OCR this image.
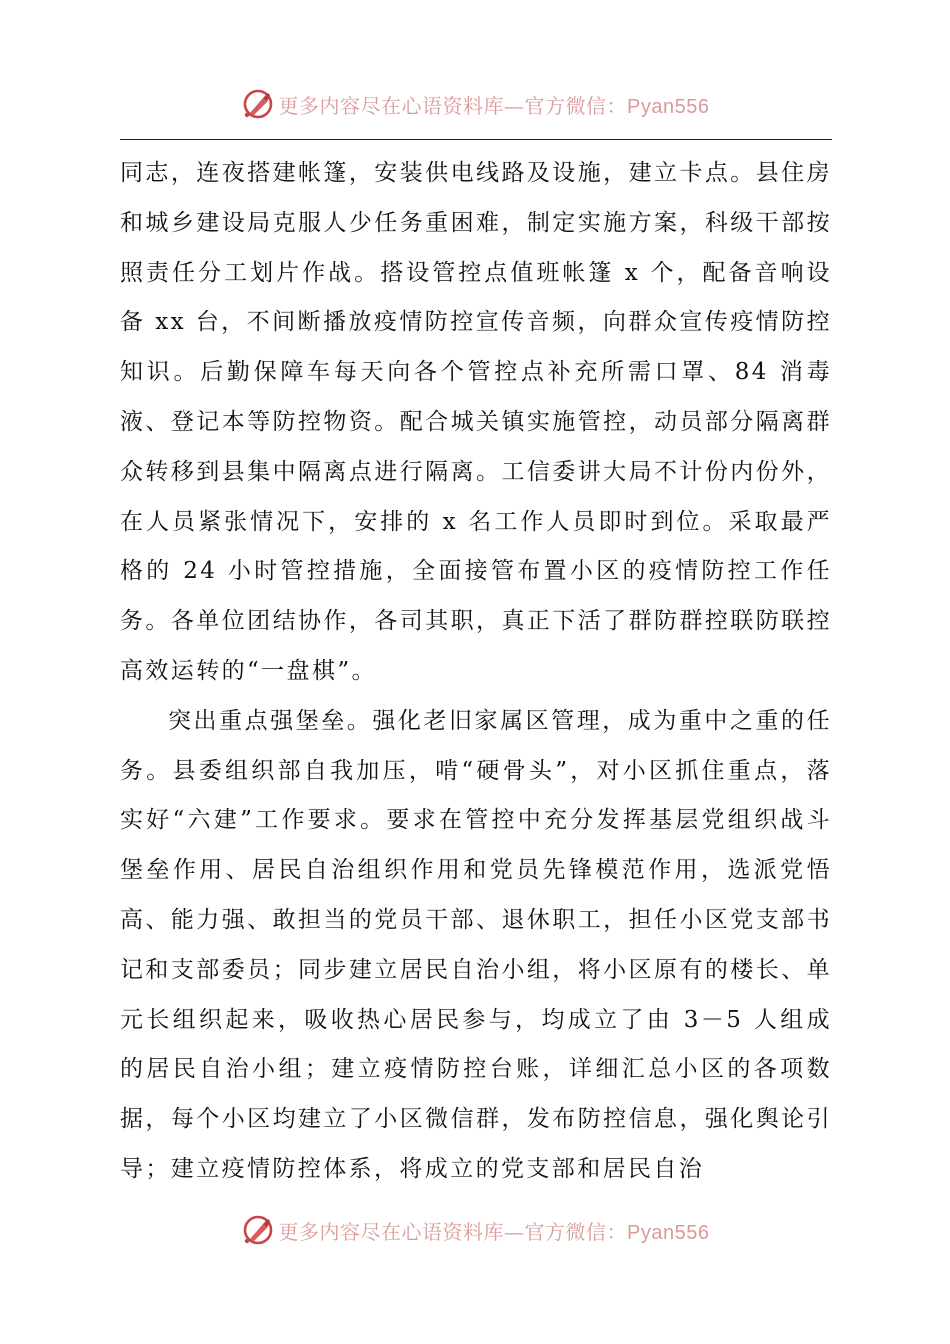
更多内容尽在心语资料库—官方微信：Pyan556

同志，连夜搭建帐篷，安装供电线路及设施，建立卡点。县住房和城乡建设局克服人少任务重困难，制定实施方案，科级干部按照责任分工划片作战。搭设管控点值班帐篷 x 个，配备音响设备 xx 台，不间断播放疫情防控宣传音频，向群众宣传疫情防控知识。后勤保障车每天向各个管控点补充所需口罩、84 消毒液、登记本等防控物资。配合城关镇实施管控，动员部分隔离群众转移到县集中隔离点进行隔离。工信委讲大局不计份内份外，在人员紧张情况下，安排的 x 名工作人员即时到位。采取最严格的 24 小时管控措施，全面接管布置小区的疫情防控工作任务。各单位团结协作，各司其职，真正下活了群防群控联防联控高效运转的“一盘棋”。

突出重点强堡垒。强化老旧家属区管理，成为重中之重的任务。县委组织部自我加压，啃“硬骨头”，对小区抓住重点，落实好“六建”工作要求。要求在管控中充分发挥基层党组织战斗堡垒作用、居民自治组织作用和党员先锋模范作用，选派党悟高、能力强、敢担当的党员干部、退休职工，担任小区党支部书记和支部委员；同步建立居民自治小组，将小区原有的楼长、单元长组织起来，吸收热心居民参与，均成立了由 3－5 人组成的居民自治小组；建立疫情防控台账，详细汇总小区的各项数据，每个小区均建立了小区微信群，发布防控信息，强化舆论引导；建立疫情防控体系，将成立的党支部和居民自治

更多内容尽在心语资料库—官方微信：Pyan556
